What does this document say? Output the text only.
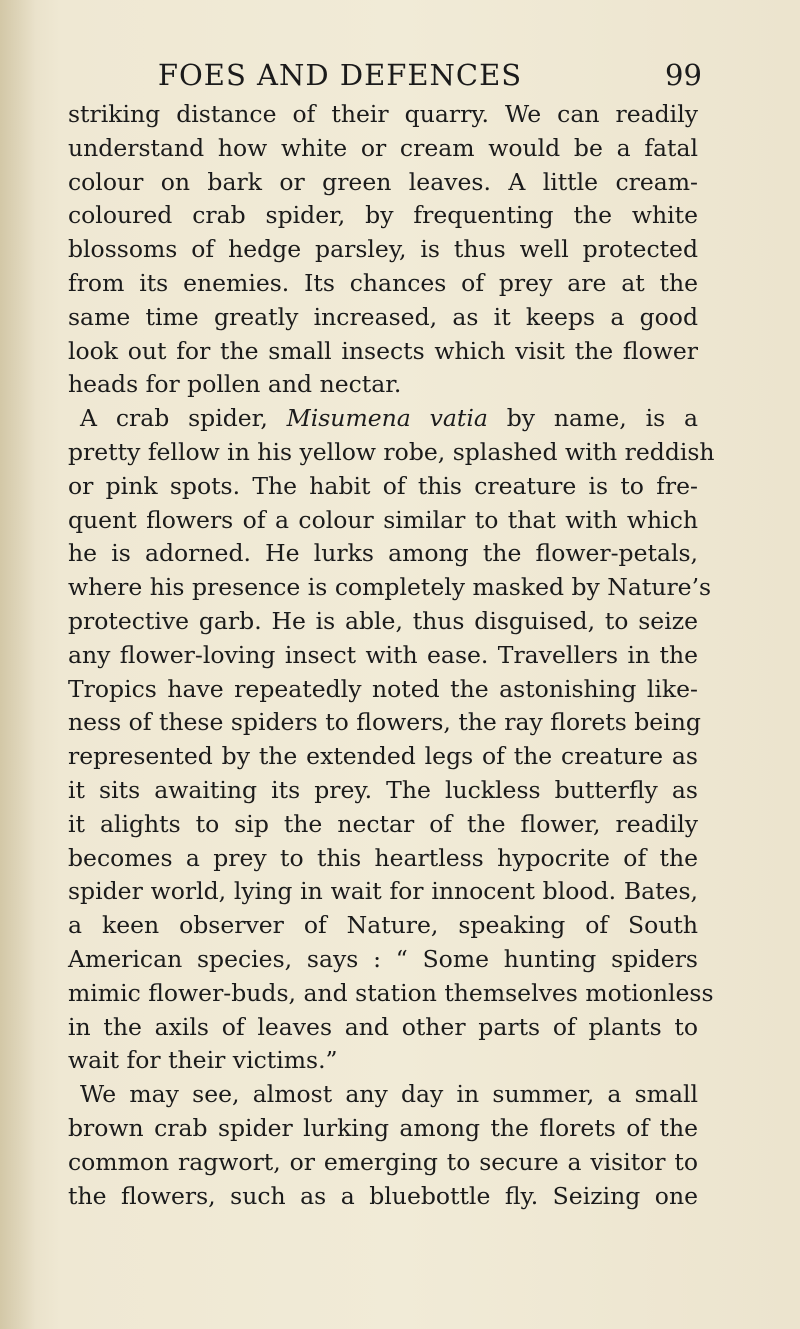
FOES AND DEFENCES	99
striking distance of their quarry. We can readily
understand how white or cream would be a fatal
colour on bark or green leaves. A little cream-
coloured crab spider, by frequenting the white
blossoms of hedge parsley, is thus well protected
from its enemies. Its chances of prey are at the
same time greatly increased, as it keeps a good
look out for the small insects which visit the flower
heads for pollen and nectar.
A crab spider, Misumena vatia by name, is a
pretty fellow in his yellow robe, splashed with reddish
or pink spots. The habit of this creature is to fre-
quent flowers of a colour similar to that with which
he is adorned. He lurks among the flower-petals,
where his presence is completely masked by Nature’s
protective garb. He is able, thus disguised, to seize
any flower-loving insect with ease. Travellers in the
Tropics have repeatedly noted the astonishing like-
ness of these spiders to flowers, the ray florets being
represented by the extended legs of the creature as
it sits awaiting its prey. The luckless butterfly as
it alights to sip the nectar of the flower, readily
becomes a prey to this heartless hypocrite of the
spider world, lying in wait for innocent blood. Bates,
a keen observer of Nature, speaking of South
American species, says : “ Some hunting spiders
mimic flower-buds, and station themselves motionless
in the axils of leaves and other parts of plants to
wait for their victims.”
We may see, almost any day in summer, a small
brown crab spider lurking among the florets of the
common ragwort, or emerging to secure a visitor to
the flowers, such as a bluebottle fly. Seizing one
